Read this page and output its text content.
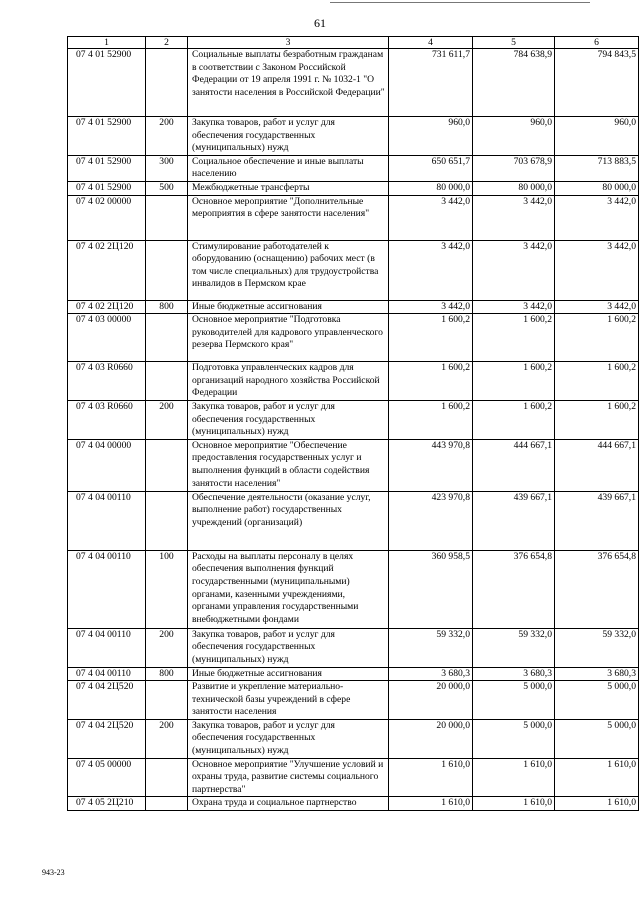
61
1	2	3	4	5	6
07 4 01 52900		Социальные выплаты безработным гражданам в соответствии с Законом Российской Федерации от 19 апреля 1991 г. № 1032-1 "О занятости населения в Российской Федерации"	731 611,7	784 638,9	794 843,5
07 4 01 52900	200	Закупка товаров, работ и услуг для обеспечения государственных (муниципальных) нужд	960,0	960,0	960,0
07 4 01 52900	300	Социальное обеспечение и иные выплаты населению	650 651,7	703 678,9	713 883,5
07 4 01 52900	500	Межбюджетные трансферты	80 000,0	80 000,0	80 000,0
07 4 02 00000		Основное мероприятие "Дополнительные мероприятия в сфере занятости населения"	3 442,0	3 442,0	3 442,0
07 4 02 2Ц120		Стимулирование работодателей к оборудованию (оснащению) рабочих мест (в том числе специальных) для трудоустройства инвалидов в Пермском крае	3 442,0	3 442,0	3 442,0
07 4 02 2Ц120	800	Иные бюджетные ассигнования	3 442,0	3 442,0	3 442,0
07 4 03 00000		Основное мероприятие "Подготовка руководителей для кадрового управленческого резерва Пермского края"	1 600,2	1 600,2	1 600,2
07 4 03 R0660		Подготовка управленческих кадров для организаций народного хозяйства Российской Федерации	1 600,2	1 600,2	1 600,2
07 4 03 R0660	200	Закупка товаров, работ и услуг для обеспечения государственных (муниципальных) нужд	1 600,2	1 600,2	1 600,2
07 4 04 00000		Основное мероприятие "Обеспечение предоставления государственных услуг и выполнения функций в области содействия занятости населения"	443 970,8	444 667,1	444 667,1
07 4 04 00110		Обеспечение деятельности (оказание услуг, выполнение работ) государственных учреждений (организаций)	423 970,8	439 667,1	439 667,1
07 4 04 00110	100	Расходы на выплаты персоналу в целях обеспечения выполнения функций государственными (муниципальными) органами, казенными учреждениями, органами управления государственными внебюджетными фондами	360 958,5	376 654,8	376 654,8
07 4 04 00110	200	Закупка товаров, работ и услуг для обеспечения государственных (муниципальных) нужд	59 332,0	59 332,0	59 332,0
07 4 04 00110	800	Иные бюджетные ассигнования	3 680,3	3 680,3	3 680,3
07 4 04 2Ц520		Развитие и укрепление материально-технической базы учреждений в сфере занятости населения	20 000,0	5 000,0	5 000,0
07 4 04 2Ц520	200	Закупка товаров, работ и услуг для обеспечения государственных (муниципальных) нужд	20 000,0	5 000,0	5 000,0
07 4 05 00000		Основное мероприятие "Улучшение условий и охраны труда, развитие системы социального партнерства"	1 610,0	1 610,0	1 610,0
07 4 05 2Ц210		Охрана труда и социальное партнерство	1 610,0	1 610,0	1 610,0
943-23
